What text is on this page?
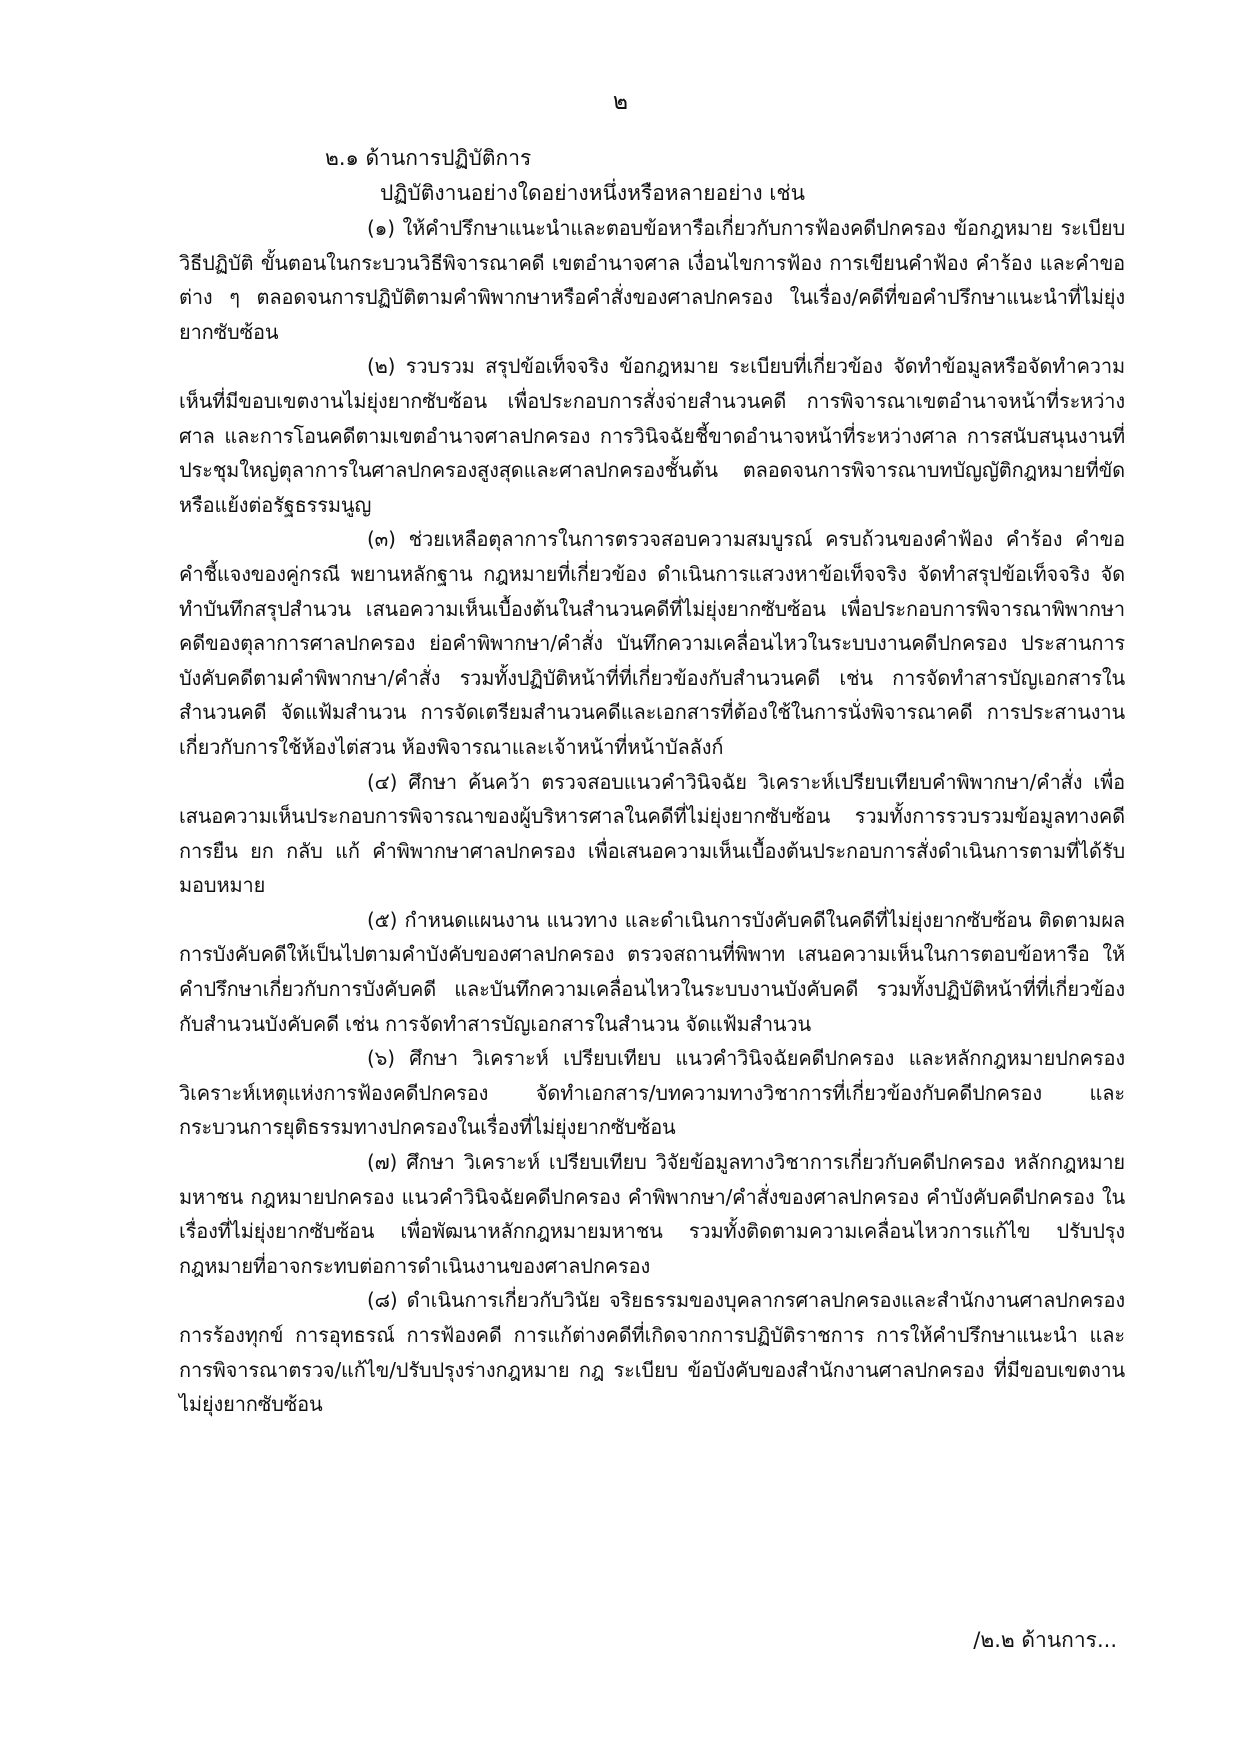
๒
๒.๑ ด้านการปฏิบัติการ
ปฏิบัติงานอย่างใดอย่างหนึ่งหรือหลายอย่าง เช่น

(๑) ให้คำปรึกษาแนะนำและตอบข้อหารือเกี่ยวกับการฟ้องคดีปกครอง ข้อกฎหมาย ระเบียบ วิธีปฏิบัติ ขั้นตอนในกระบวนวิธีพิจารณาคดี เขตอำนาจศาล เงื่อนไขการฟ้อง การเขียนคำฟ้อง คำร้อง และคำขอต่าง ๆ ตลอดจนการปฏิบัติตามคำพิพากษาหรือคำสั่งของศาลปกครอง ในเรื่อง/คดีที่ขอคำปรึกษาแนะนำที่ไม่ยุ่งยากซับซ้อน

(๒) รวบรวม สรุปข้อเท็จจริง ข้อกฎหมาย ระเบียบที่เกี่ยวข้อง จัดทำข้อมูลหรือจัดทำความเห็นที่มีขอบเขตงานไม่ยุ่งยากซับซ้อน เพื่อประกอบการสั่งจ่ายสำนวนคดี การพิจารณาเขตอำนาจหน้าที่ระหว่างศาล และการโอนคดีตามเขตอำนาจศาลปกครอง การวินิจฉัยชี้ขาดอำนาจหน้าที่ระหว่างศาล การสนับสนุนงานที่ประชุมใหญ่ตุลาการในศาลปกครองสูงสุดและศาลปกครองชั้นต้น ตลอดจนการพิจารณาบทบัญญัติกฎหมายที่ขัดหรือแย้งต่อรัฐธรรมนูญ

(๓) ช่วยเหลือตุลาการในการตรวจสอบความสมบูรณ์ ครบถ้วนของคำฟ้อง คำร้อง คำขอ คำชี้แจงของคู่กรณี พยานหลักฐาน กฎหมายที่เกี่ยวข้อง ดำเนินการแสวงหาข้อเท็จจริง จัดทำสรุปข้อเท็จจริง จัดทำบันทึกสรุปสำนวน เสนอความเห็นเบื้องต้นในสำนวนคดีที่ไม่ยุ่งยากซับซ้อน เพื่อประกอบการพิจารณาพิพากษาคดีของตุลาการศาลปกครอง ย่อคำพิพากษา/คำสั่ง บันทึกความเคลื่อนไหวในระบบงานคดีปกครอง ประสานการบังคับคดีตามคำพิพากษา/คำสั่ง รวมทั้งปฏิบัติหน้าที่ที่เกี่ยวข้องกับสำนวนคดี เช่น การจัดทำสารบัญเอกสารในสำนวนคดี จัดแฟ้มสำนวน การจัดเตรียมสำนวนคดีและเอกสารที่ต้องใช้ในการนั่งพิจารณาคดี การประสานงานเกี่ยวกับการใช้ห้องไต่สวน ห้องพิจารณาและเจ้าหน้าที่หน้าบัลลังก์

(๔) ศึกษา ค้นคว้า ตรวจสอบแนวคำวินิจฉัย วิเคราะห์เปรียบเทียบคำพิพากษา/คำสั่ง เพื่อเสนอความเห็นประกอบการพิจารณาของผู้บริหารศาลในคดีที่ไม่ยุ่งยากซับซ้อน รวมทั้งการรวบรวมข้อมูลทางคดี การยืน ยก กลับ แก้ คำพิพากษาศาลปกครอง เพื่อเสนอความเห็นเบื้องต้นประกอบการสั่งดำเนินการตามที่ได้รับมอบหมาย

(๕) กำหนดแผนงาน แนวทาง และดำเนินการบังคับคดีในคดีที่ไม่ยุ่งยากซับซ้อน ติดตามผลการบังคับคดีให้เป็นไปตามคำบังคับของศาลปกครอง ตรวจสถานที่พิพาท เสนอความเห็นในการตอบข้อหารือ ให้คำปรึกษาเกี่ยวกับการบังคับคดี และบันทึกความเคลื่อนไหวในระบบงานบังคับคดี รวมทั้งปฏิบัติหน้าที่ที่เกี่ยวข้องกับสำนวนบังคับคดี เช่น การจัดทำสารบัญเอกสารในสำนวน จัดแฟ้มสำนวน

(๖) ศึกษา วิเคราะห์ เปรียบเทียบ แนวคำวินิจฉัยคดีปกครอง และหลักกฎหมายปกครอง วิเคราะห์เหตุแห่งการฟ้องคดีปกครอง จัดทำเอกสาร/บทความทางวิชาการที่เกี่ยวข้องกับคดีปกครอง และกระบวนการยุติธรรมทางปกครองในเรื่องที่ไม่ยุ่งยากซับซ้อน

(๗) ศึกษา วิเคราะห์ เปรียบเทียบ วิจัยข้อมูลทางวิชาการเกี่ยวกับคดีปกครอง หลักกฎหมายมหาชน กฎหมายปกครอง แนวคำวินิจฉัยคดีปกครอง คำพิพากษา/คำสั่งของศาลปกครอง คำบังคับคดีปกครอง ในเรื่องที่ไม่ยุ่งยากซับซ้อน เพื่อพัฒนาหลักกฎหมายมหาชน รวมทั้งติดตามความเคลื่อนไหวการแก้ไข ปรับปรุงกฎหมายที่อาจกระทบต่อการดำเนินงานของศาลปกครอง

(๘) ดำเนินการเกี่ยวกับวินัย จริยธรรมของบุคลากรศาลปกครองและสำนักงานศาลปกครอง การร้องทุกข์ การอุทธรณ์ การฟ้องคดี การแก้ต่างคดีที่เกิดจากการปฏิบัติราชการ การให้คำปรึกษาแนะนำ และการพิจารณาตรวจ/แก้ไข/ปรับปรุงร่างกฎหมาย กฎ ระเบียบ ข้อบังคับของสำนักงานศาลปกครอง ที่มีขอบเขตงานไม่ยุ่งยากซับซ้อน

/๒.๒ ด้านการ...
